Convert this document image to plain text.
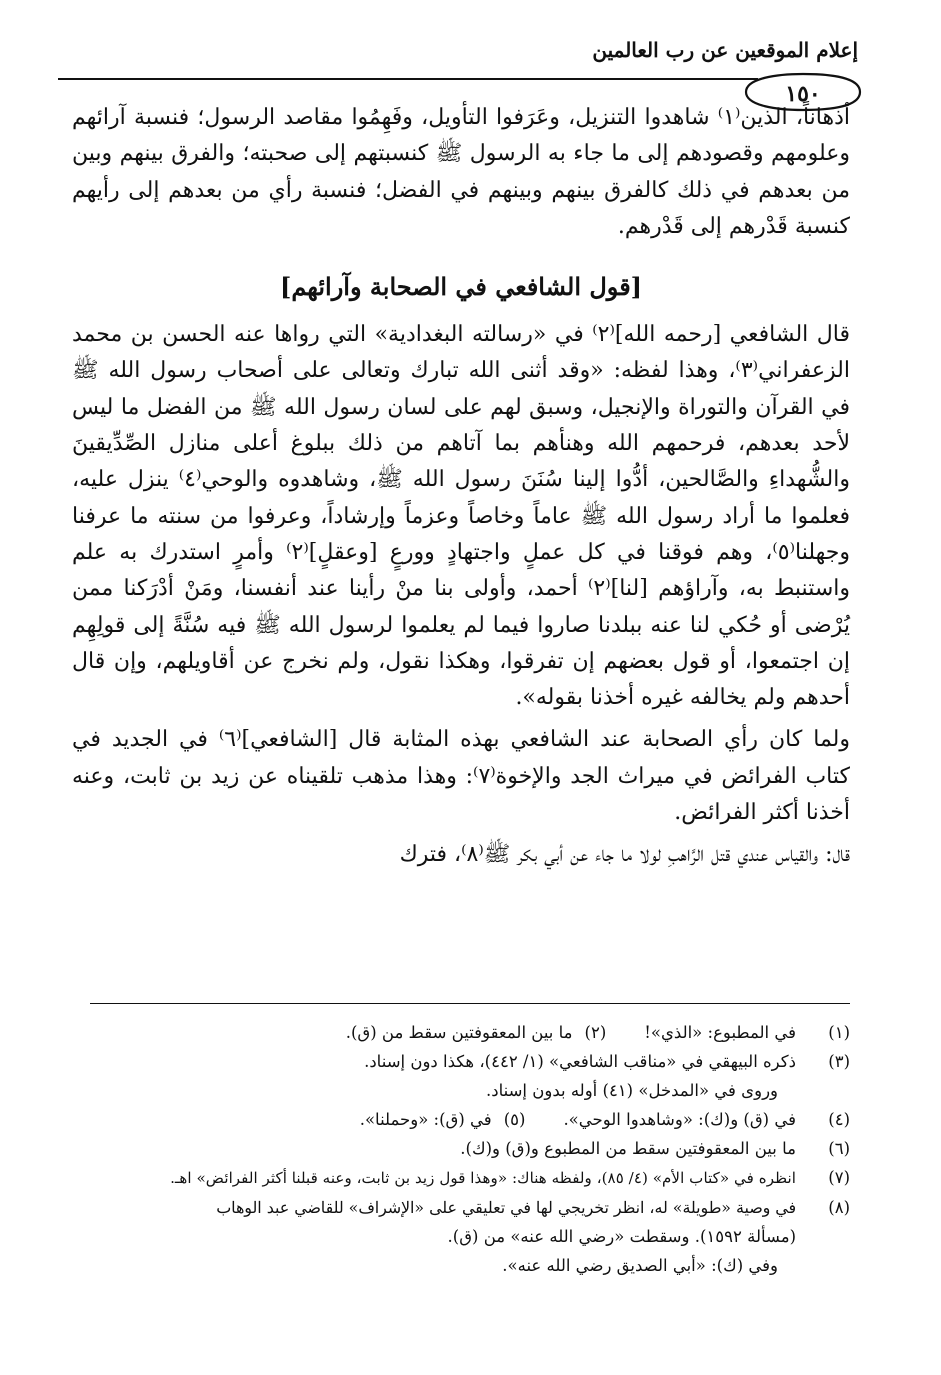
إعلام الموقعين عن رب العالمين
١٥٠

أذهاناً، الذين⁽١⁾ شاهدوا التنزيل، وعَرَفوا التأويل، وفَهِمُوا مقاصد الرسول؛ فنسبة آرائهم وعلومهم وقصودهم إلى ما جاء به الرسول ﷺ كنسبتهم إلى صحبته؛ والفرق بينهم وبين من بعدهم في ذلك كالفرق بينهم وبينهم في الفضل؛ فنسبة رأي من بعدهم إلى رأيهم كنسبة قَدْرهم إلى قَدْرهم.

[قول الشافعي في الصحابة وآرائهم]

قال الشافعي [رحمه الله]⁽٢⁾ في «رسالته البغدادية» التي رواها عنه الحسن بن محمد الزعفراني⁽٣⁾، وهذا لفظه: «وقد أثنى الله تبارك وتعالى على أصحاب رسول الله ﷺ في القرآن والتوراة والإنجيل، وسبق لهم على لسان رسول الله ﷺ من الفضل ما ليس لأحد بعدهم، فرحمهم الله وهنأهم بما آتاهم من ذلك ببلوغ أعلى منازل الصِّدِّيقينَ والشُّهداءِ والصَّالحين، أدُّوا إلينا سُنَنَ رسول الله ﷺ، وشاهدوه والوحي⁽٤⁾ ينزل عليه، فعلموا ما أراد رسول الله ﷺ عاماً وخاصاً وعزماً وإرشاداً، وعرفوا من سنته ما عرفنا وجهلنا⁽٥⁾، وهم فوقنا في كل عملٍ واجتهادٍ وورعٍ [وعقلٍ]⁽٢⁾ وأمرٍ استدرك به علم واستنبط به، وآراؤهم [لنا]⁽٢⁾ أحمد، وأولى بنا منْ رأينا عند أنفسنا، ومَنْ أدْرَكنا ممن يُرْضى أو حُكي لنا عنه ببلدنا صاروا فيما لم يعلموا لرسول الله ﷺ فيه سُنَّةً إلى قولِهِم إن اجتمعوا، أو قول بعضهم إن تفرقوا، وهكذا نقول، ولم نخرج عن أقاويلهم، وإن قال أحدهم ولم يخالفه غيره أخذنا بقوله».

ولما كان رأي الصحابة عند الشافعي بهذه المثابة قال [الشافعي]⁽٦⁾ في الجديد في كتاب الفرائض في ميراث الجد والإخوة⁽٧⁾: وهذا مذهب تلقيناه عن زيد بن ثابت، وعنه أخذنا أكثر الفرائض.

قال: والقياس عندي قتل الرَّاهبِ لولا ما جاء عن أبي بكر ﷺ⁽٨⁾، فترك

(١)
في المطبوع: «الذي»!
(٢)
ما بين المعقوفتين سقط من (ق).
(٣)
ذكره البيهقي في «مناقب الشافعي» (١/ ٤٤٢)، هكذا دون إسناد.
وروى في «المدخل» (٤١) أوله بدون إسناد.
(٤)
في (ق) و(ك): «وشاهدوا الوحي».
(٥)
في (ق): «وحملنا».
(٦)
ما بين المعقوفتين سقط من المطبوع و(ق) و(ك).
(٧)
انظره في «كتاب الأم» (٤/ ٨٥)، ولفظه هناك: «وهذا قول زيد بن ثابت، وعنه قبلنا أكثر الفرائض» اهـ.
(٨)
في وصية «طويلة» له، انظر تخريجي لها في تعليقي على «الإشراف» للقاضي عبد الوهاب
(مسألة ١٥٩٢). وسقطت «رضي الله عنه» من (ق).
وفي (ك): «أبي الصديق رضي الله عنه».
